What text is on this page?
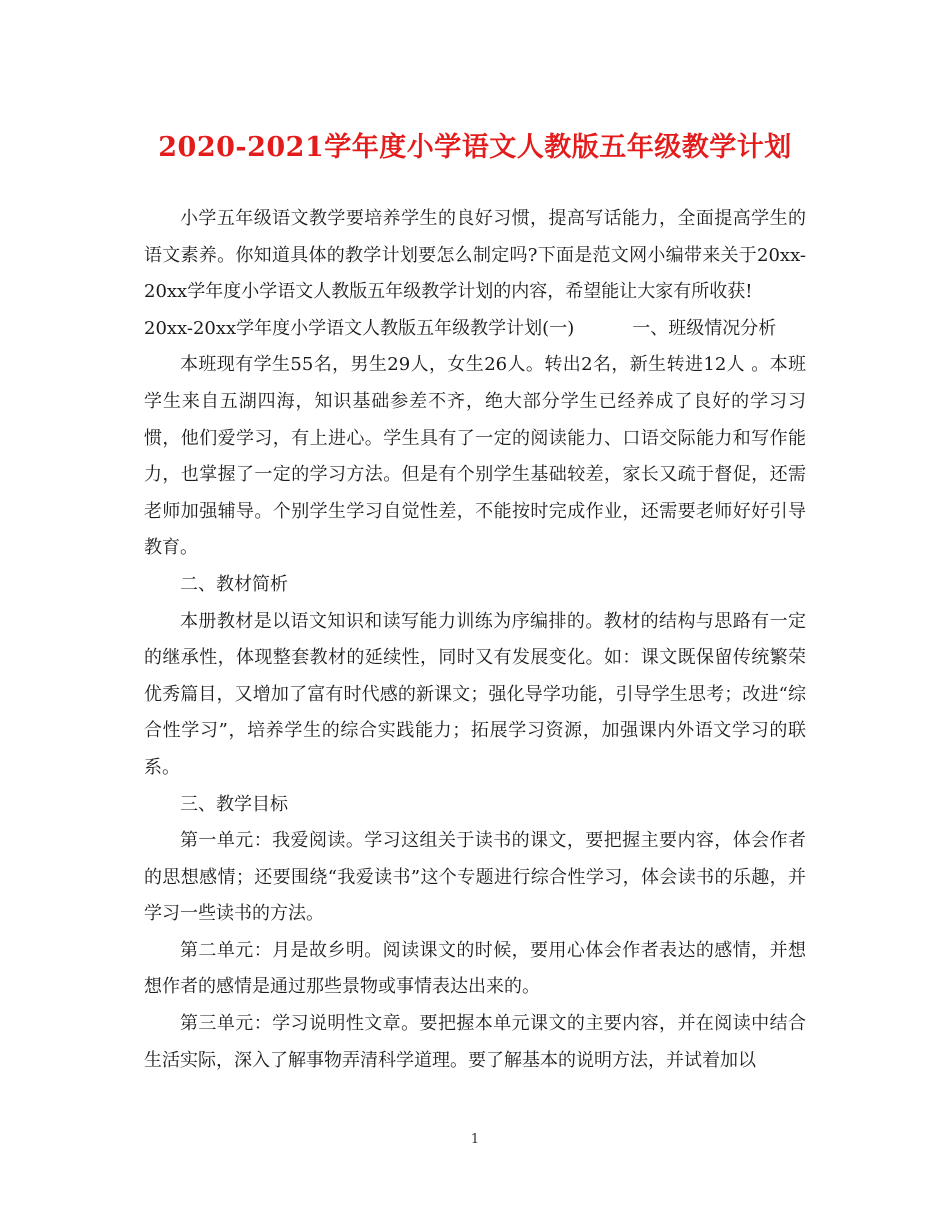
2020-2021学年度小学语文人教版五年级教学计划

小学五年级语文教学要培养学生的良好习惯，提高写话能力，全面提高学生的语文素养。你知道具体的教学计划要怎么制定吗?下面是范文网小编带来关于20xx-20xx学年度小学语文人教版五年级教学计划的内容，希望能让大家有所收获!

20xx-20xx学年度小学语文人教版五年级教学计划(一)	一、班级情况分析

本班现有学生55名，男生29人，女生26人。转出2名，新生转进12人 。本班学生来自五湖四海，知识基础参差不齐，绝大部分学生已经养成了良好的学习习惯，他们爱学习，有上进心。学生具有了一定的阅读能力、口语交际能力和写作能力，也掌握了一定的学习方法。但是有个别学生基础较差，家长又疏于督促，还需老师加强辅导。个别学生学习自觉性差，不能按时完成作业，还需要老师好好引导教育。

二、教材简析

本册教材是以语文知识和读写能力训练为序编排的。教材的结构与思路有一定的继承性，体现整套教材的延续性，同时又有发展变化。如：课文既保留传统繁荣优秀篇目，又增加了富有时代感的新课文；强化导学功能，引导学生思考；改进“综合性学习”，培养学生的综合实践能力；拓展学习资源，加强课内外语文学习的联系。

三、教学目标

第一单元：我爱阅读。学习这组关于读书的课文，要把握主要内容，体会作者的思想感情；还要围绕“我爱读书”这个专题进行综合性学习，体会读书的乐趣，并学习一些读书的方法。

第二单元：月是故乡明。阅读课文的时候，要用心体会作者表达的感情，并想想作者的感情是通过那些景物或事情表达出来的。

第三单元：学习说明性文章。要把握本单元课文的主要内容，并在阅读中结合生活实际，深入了解事物弄清科学道理。要了解基本的说明方法，并试着加以

1
